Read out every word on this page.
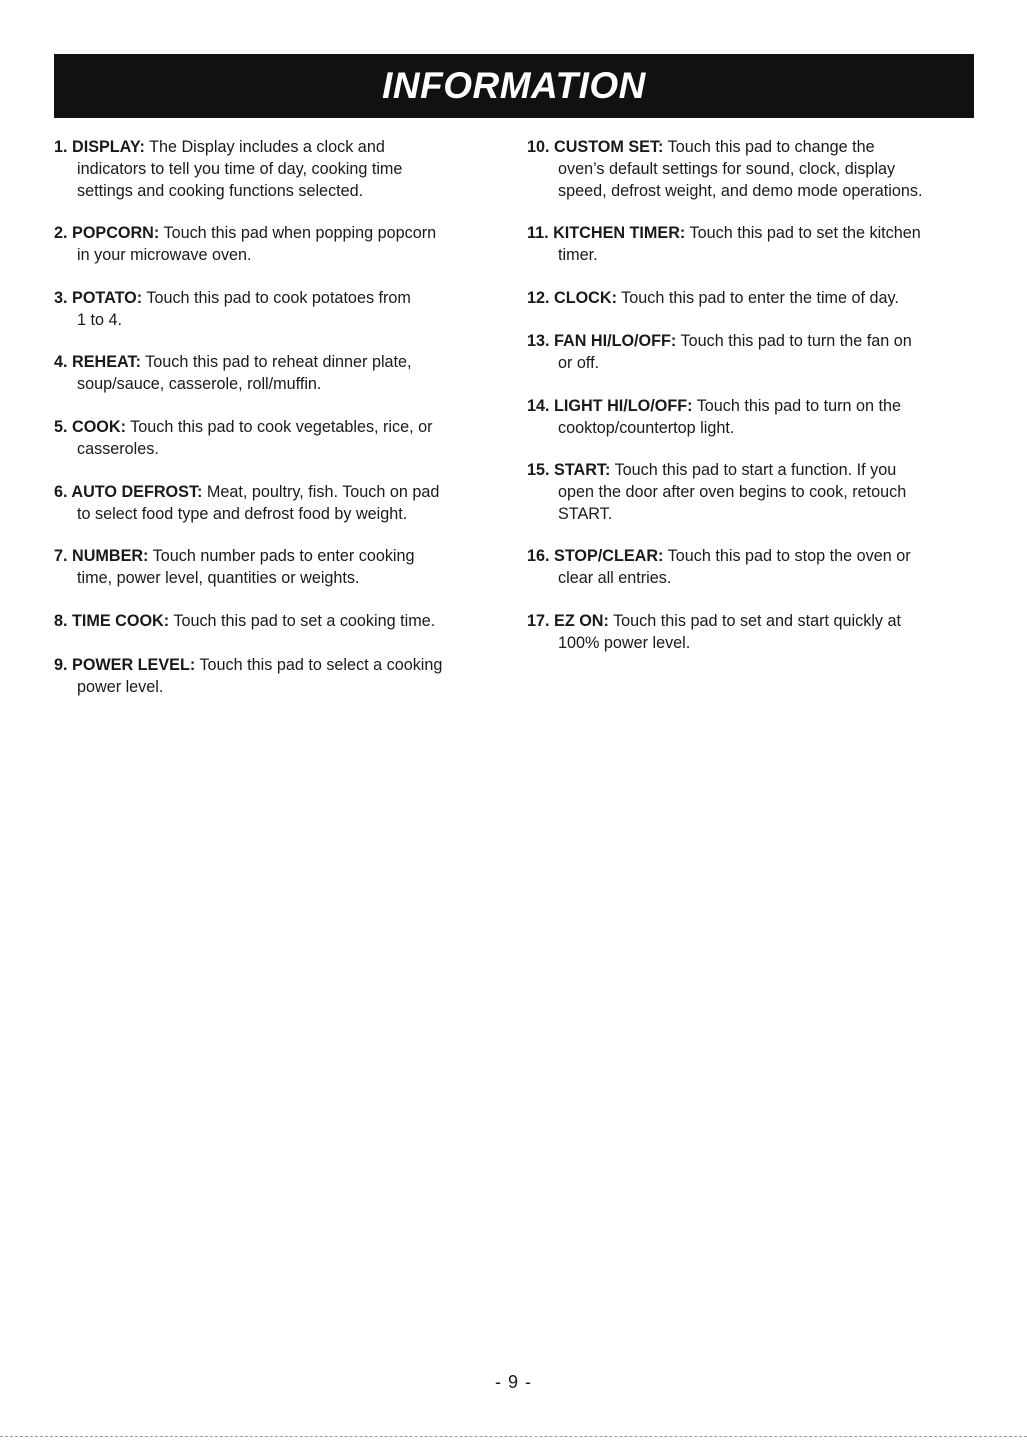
INFORMATION
1. DISPLAY: The Display includes a clock and
indicators to tell you time of day, cooking time
settings and cooking functions selected.
2. POPCORN: Touch this pad when popping popcorn
in your microwave oven.
3. POTATO: Touch this pad to cook potatoes from
1 to 4.
4. REHEAT: Touch this pad to reheat dinner plate,
soup/sauce, casserole, roll/muffin.
5. COOK: Touch this pad to cook vegetables, rice, or
casseroles.
6. AUTO DEFROST: Meat, poultry, fish. Touch on pad
to select food type and defrost food by weight.
7. NUMBER: Touch number pads to enter cooking
time, power level, quantities or weights.
8. TIME COOK: Touch this pad to set a cooking time.
9. POWER LEVEL: Touch this pad to select a cooking
power level.
10. CUSTOM SET: Touch this pad to change the
oven’s default settings for sound, clock, display
speed, defrost weight, and demo mode operations.
11. KITCHEN TIMER: Touch this pad to set the kitchen
timer.
12. CLOCK: Touch this pad to enter the time of day.
13. FAN HI/LO/OFF: Touch this pad to turn the fan on
or off.
14. LIGHT HI/LO/OFF: Touch this pad to turn on the
cooktop/countertop light.
15. START: Touch this pad to start a function. If you
open the door after oven begins to cook, retouch
START.
16. STOP/CLEAR: Touch this pad to stop the oven or
clear all entries.
17. EZ ON: Touch this pad to set and start quickly at
100% power level.
- 9 -
